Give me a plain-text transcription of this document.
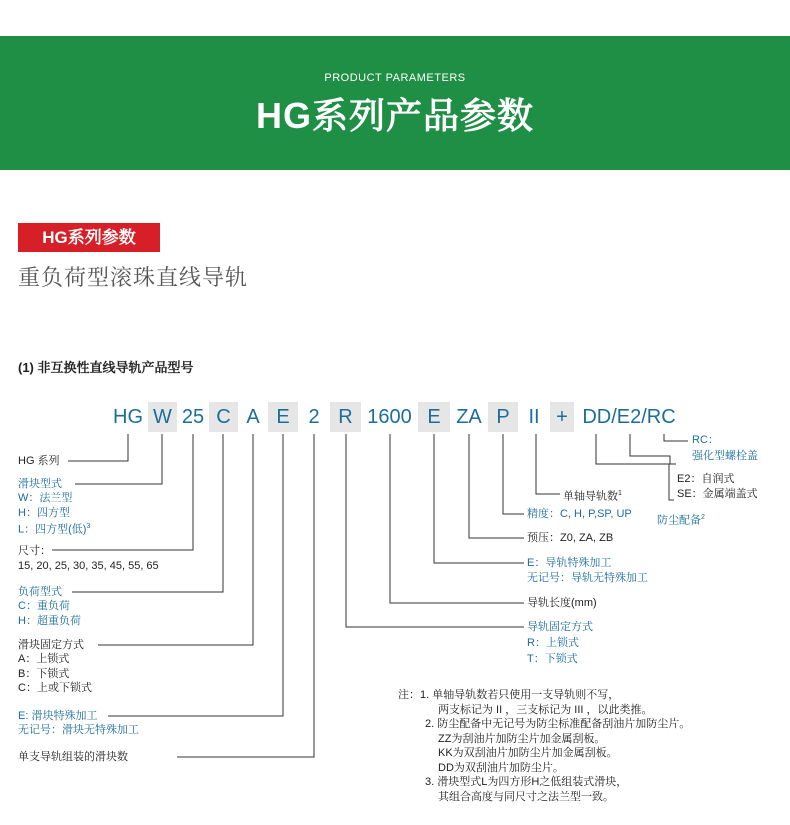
PRODUCT PARAMETERS
HG系列产品参数
HG系列参数
重负荷型滚珠直线导轨
(1) 非互换性直线导轨产品型号
HG W 25 C A E 2 R 1600 E ZA P II + DD/E2/RC
HG 系列
滑块型式
W：法兰型
H：四方型
L：四方型(低)$^3$
尺寸：
15, 20, 25, 30, 35, 45, 55, 65
负荷型式
C：重负荷
H：超重负荷
滑块固定方式
A：上锁式
B：下锁式
C：上或下锁式
E: 滑块特殊加工
无记号：滑块无特殊加工
单支导轨组装的滑块数
RC：
强化型螺栓盖
E2：自润式
SE：金属端盖式
防尘配备$^2$
单轴导轨数$^1$
精度：C, H, P,SP, UP
预压：Z0, ZA, ZB
E：导轨特殊加工
无记号：导轨无特殊加工
导轨长度(mm)
导轨固定方式
R：上锁式
T：下锁式
注：1. 单轴导轨数若只使用一支导轨则不写，
两支标记为 II ，三支标记为 III ，以此类推。
2. 防尘配备中无记号为防尘标准配备刮油片加防尘片。
ZZ为刮油片加防尘片加金属刮板。
KK为双刮油片加防尘片加金属刮板。
DD为双刮油片加防尘片。
3. 滑块型式L为四方形H之低组装式滑块，
其组合高度与同尺寸之法兰型一致。
